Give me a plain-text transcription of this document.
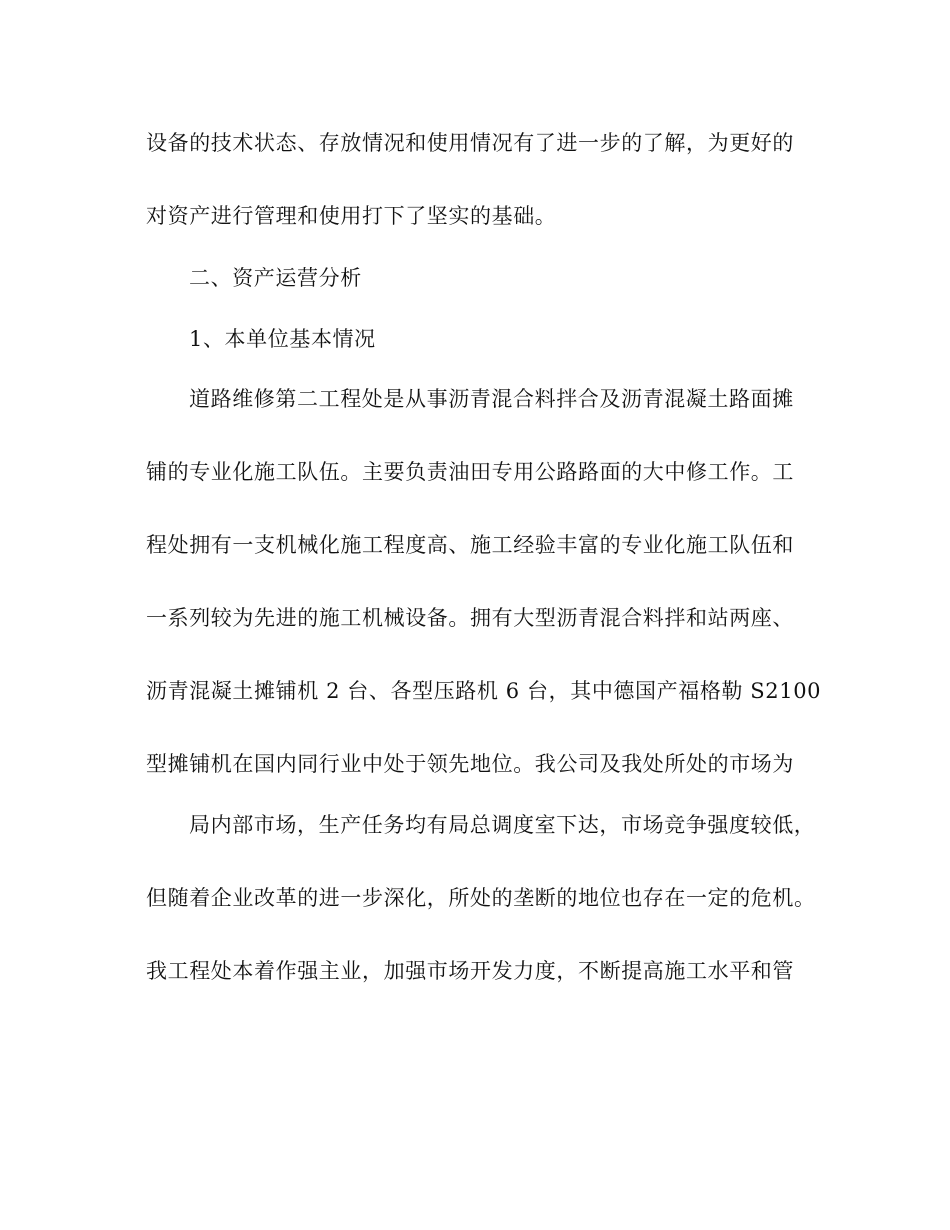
设备的技术状态、存放情况和使用情况有了进一步的了解，为更好的
对资产进行管理和使用打下了坚实的基础。
二、资产运营分析
1、本单位基本情况
道路维修第二工程处是从事沥青混合料拌合及沥青混凝土路面摊
铺的专业化施工队伍。主要负责油田专用公路路面的大中修工作。工
程处拥有一支机械化施工程度高、施工经验丰富的专业化施工队伍和
一系列较为先进的施工机械设备。拥有大型沥青混合料拌和站两座、
沥青混凝土摊铺机 2 台、各型压路机 6 台，其中德国产福格勒 S2100
型摊铺机在国内同行业中处于领先地位。我公司及我处所处的市场为
局内部市场，生产任务均有局总调度室下达，市场竞争强度较低，
但随着企业改革的进一步深化，所处的垄断的地位也存在一定的危机。
我工程处本着作强主业，加强市场开发力度，不断提高施工水平和管
